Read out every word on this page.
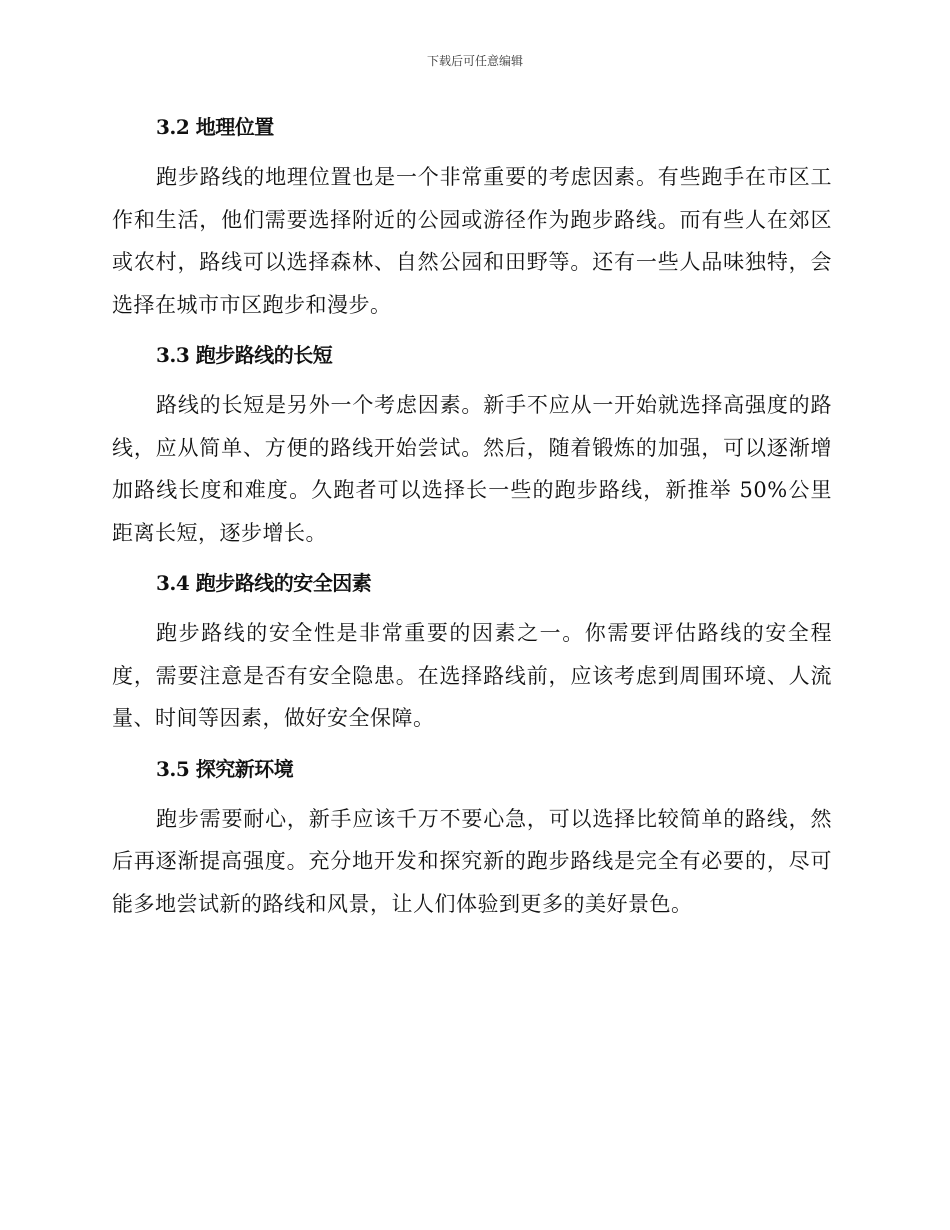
下载后可任意编辑
3.2 地理位置

跑步路线的地理位置也是一个非常重要的考虑因素。有些跑手在市区工作和生活，他们需要选择附近的公园或游径作为跑步路线。而有些人在郊区或农村，路线可以选择森林、自然公园和田野等。还有一些人品味独特，会选择在城市市区跑步和漫步。

3.3 跑步路线的长短

路线的长短是另外一个考虑因素。新手不应从一开始就选择高强度的路线，应从简单、方便的路线开始尝试。然后，随着锻炼的加强，可以逐渐增加路线长度和难度。久跑者可以选择长一些的跑步路线，新推举 50%公里距离长短，逐步增长。

3.4 跑步路线的安全因素

跑步路线的安全性是非常重要的因素之一。你需要评估路线的安全程度，需要注意是否有安全隐患。在选择路线前，应该考虑到周围环境、人流量、时间等因素，做好安全保障。

3.5 探究新环境

跑步需要耐心，新手应该千万不要心急，可以选择比较简单的路线，然后再逐渐提高强度。充分地开发和探究新的跑步路线是完全有必要的，尽可能多地尝试新的路线和风景，让人们体验到更多的美好景色。
